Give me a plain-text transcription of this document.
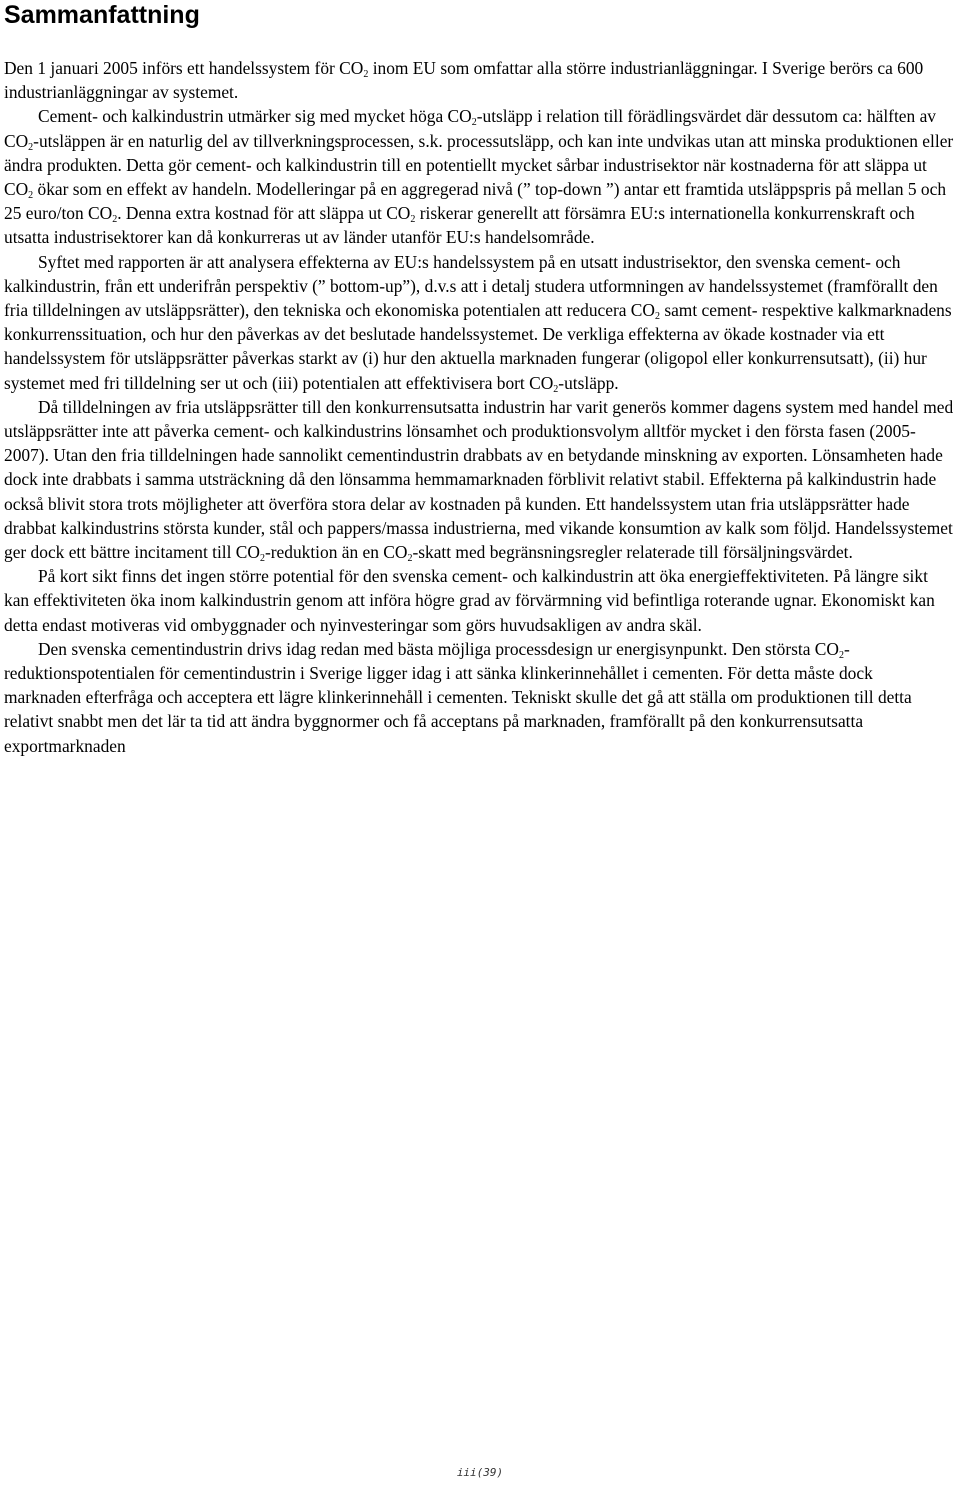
Sammanfattning

Den 1 januari 2005 införs ett handelssystem för $CO_2$ inom EU som omfattar alla större industrianläggningar. I Sverige berörs ca 600 industrianläggningar av systemet.

Cement- och kalkindustrin utmärker sig med mycket höga $CO_2$-utsläpp i relation till förädlingsvärdet där dessutom ca: hälften av $CO_2$-utsläppen är en naturlig del av tillverkningsprocessen, s.k. processutsläpp, och kan inte undvikas utan att minska produktionen eller ändra produkten. Detta gör cement- och kalkindustrin till en potentiellt mycket sårbar industrisektor när kostnaderna för att släppa ut $CO_2$ ökar som en effekt av handeln. Modelleringar på en aggregerad nivå (” top-down ”) antar ett framtida utsläppspris på mellan 5 och 25 euro/ton $CO_2$. Denna extra kostnad för att släppa ut $CO_2$ riskerar generellt att försämra EU:s internationella konkurrenskraft och utsatta industrisektorer kan då konkurreras ut av länder utanför EU:s handelsområde.

Syftet med rapporten är att analysera effekterna av EU:s handelssystem på en utsatt industrisektor, den svenska cement- och kalkindustrin, från ett underifrån perspektiv (” bottom-up”), d.v.s att i detalj studera utformningen av handelssystemet (framförallt den fria tilldelningen av utsläppsrätter), den tekniska och ekonomiska potentialen att reducera $CO_2$ samt cement- respektive kalkmarknadens konkurrenssituation, och hur den påverkas av det beslutade handelssystemet. De verkliga effekterna av ökade kostnader via ett handelssystem för utsläppsrätter påverkas starkt av (i) hur den aktuella marknaden fungerar (oligopol eller konkurrensutsatt), (ii) hur systemet med fri tilldelning ser ut och (iii) potentialen att effektivisera bort $CO_2$-utsläpp.

Då tilldelningen av fria utsläppsrätter till den konkurrensutsatta industrin har varit generös kommer dagens system med handel med utsläppsrätter inte att påverka cement- och kalkindustrins lönsamhet och produktionsvolym alltför mycket i den första fasen (2005-2007). Utan den fria tilldelningen hade sannolikt cementindustrin drabbats av en betydande minskning av exporten. Lönsamheten hade dock inte drabbats i samma utsträckning då den lönsamma hemmamarknaden förblivit relativt stabil. Effekterna på kalkindustrin hade också blivit stora trots möjligheter att överföra stora delar av kostnaden på kunden. Ett handelssystem utan fria utsläppsrätter hade drabbat kalkindustrins största kunder, stål och pappers/massa industrierna, med vikande konsumtion av kalk som följd. Handelssystemet ger dock ett bättre incitament till $CO_2$-reduktion än en $CO_2$-skatt med begränsningsregler relaterade till försäljningsvärdet.

På kort sikt finns det ingen större potential för den svenska cement- och kalkindustrin att öka energieffektiviteten. På längre sikt kan effektiviteten öka inom kalkindustrin genom att införa högre grad av förvärmning vid befintliga roterande ugnar. Ekonomiskt kan detta endast motiveras vid ombyggnader och nyinvesteringar som görs huvudsakligen av andra skäl.

Den svenska cementindustrin drivs idag redan med bästa möjliga processdesign ur energisynpunkt. Den största $CO_2$-reduktionspotentialen för cementindustrin i Sverige ligger idag i att sänka klinkerinnehållet i cementen. För detta måste dock marknaden efterfråga och acceptera ett lägre klinkerinnehåll i cementen. Tekniskt skulle det gå att ställa om produktionen till detta relativt snabbt men det lär ta tid att ändra byggnormer och få acceptans på marknaden, framförallt på den konkurrensutsatta exportmarknaden

iii(39)
